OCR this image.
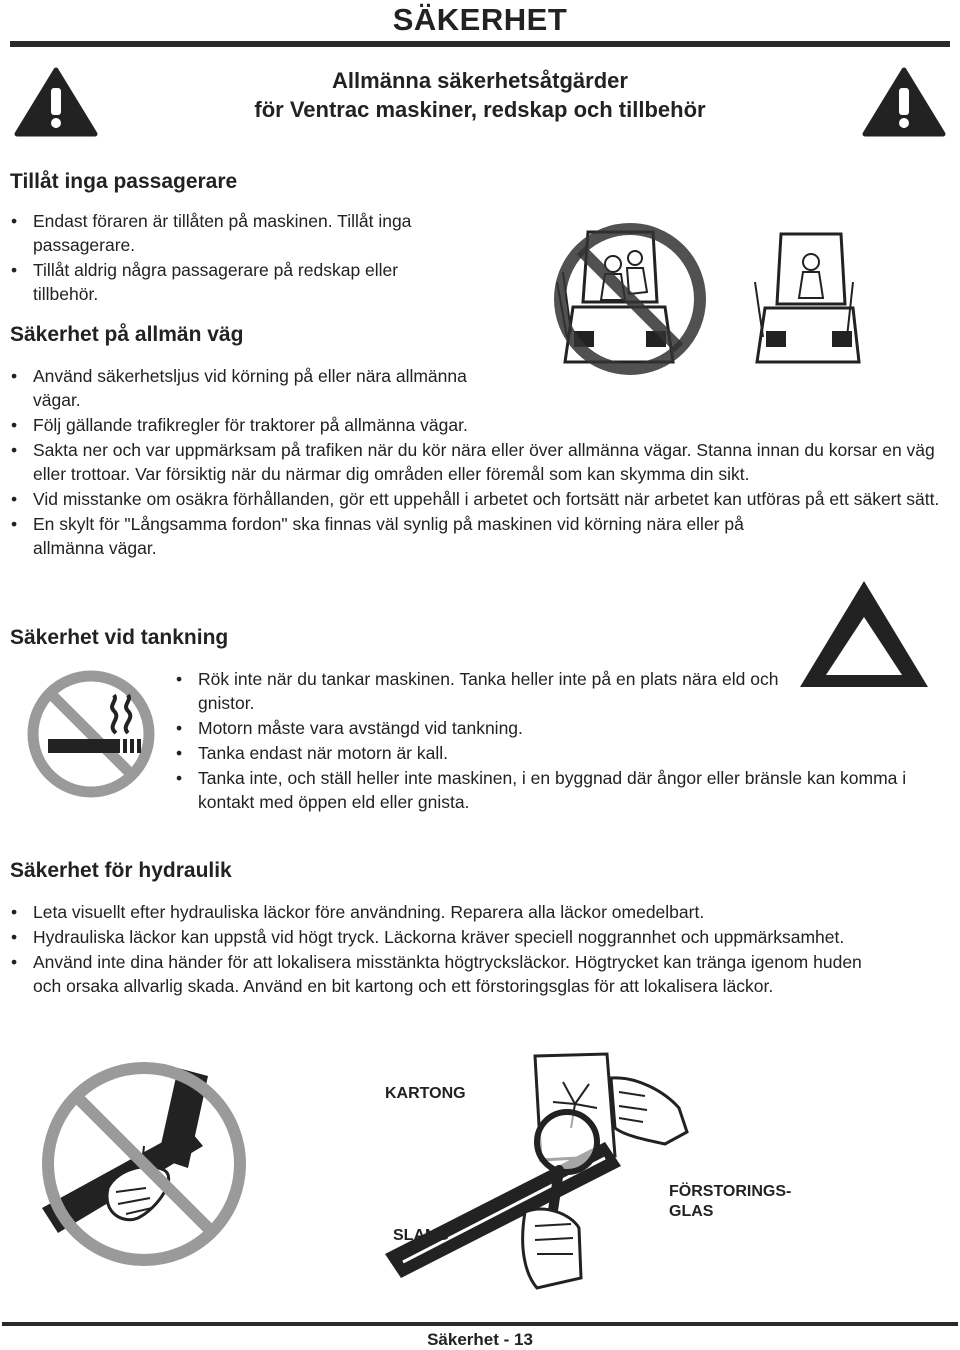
SÄKERHET
Allmänna säkerhetsåtgärder
för Ventrac maskiner, redskap och tillbehör
Tillåt inga passagerare
• Endast föraren är tillåten på maskinen. Tillåt inga passagerare.
• Tillåt aldrig några passagerare på redskap eller tillbehör.
Säkerhet på allmän väg
• Använd säkerhetsljus vid körning på eller nära allmänna vägar.
• Följ gällande trafikregler för traktorer på allmänna vägar.
• Sakta ner och var uppmärksam på trafiken när du kör nära eller över allmänna vägar. Stanna innan du korsar en väg eller trottoar. Var försiktig när du närmar dig områden eller föremål som kan skymma din sikt.
• Vid misstanke om osäkra förhållanden, gör ett uppehåll i arbetet och fortsätt när arbetet kan utföras på ett säkert sätt.
• En skylt för "Långsamma fordon" ska finnas väl synlig på maskinen vid körning nära eller på allmänna vägar.
Säkerhet vid tankning
• Rök inte när du tankar maskinen. Tanka heller inte på en plats nära eld och gnistor.
• Motorn måste vara avstängd vid tankning.
• Tanka endast när motorn är kall.
• Tanka inte, och ställ heller inte maskinen, i en byggnad där ångor eller bränsle kan komma i kontakt med öppen eld eller gnista.
Säkerhet för hydraulik
• Leta visuellt efter hydrauliska läckor före användning. Reparera alla läckor omedelbart.
• Hydrauliska läckor kan uppstå vid högt tryck. Läckorna kräver speciell noggrannhet och uppmärksamhet.
• Använd inte dina händer för att lokalisera misstänkta högtrycksläckor. Högtrycket kan tränga igenom huden och orsaka allvarlig skada. Använd en bit kartong och ett förstoringsglas för att lokalisera läckor.
KARTONG
FÖRSTORINGS-
GLAS
SLANG
Säkerhet - 13
